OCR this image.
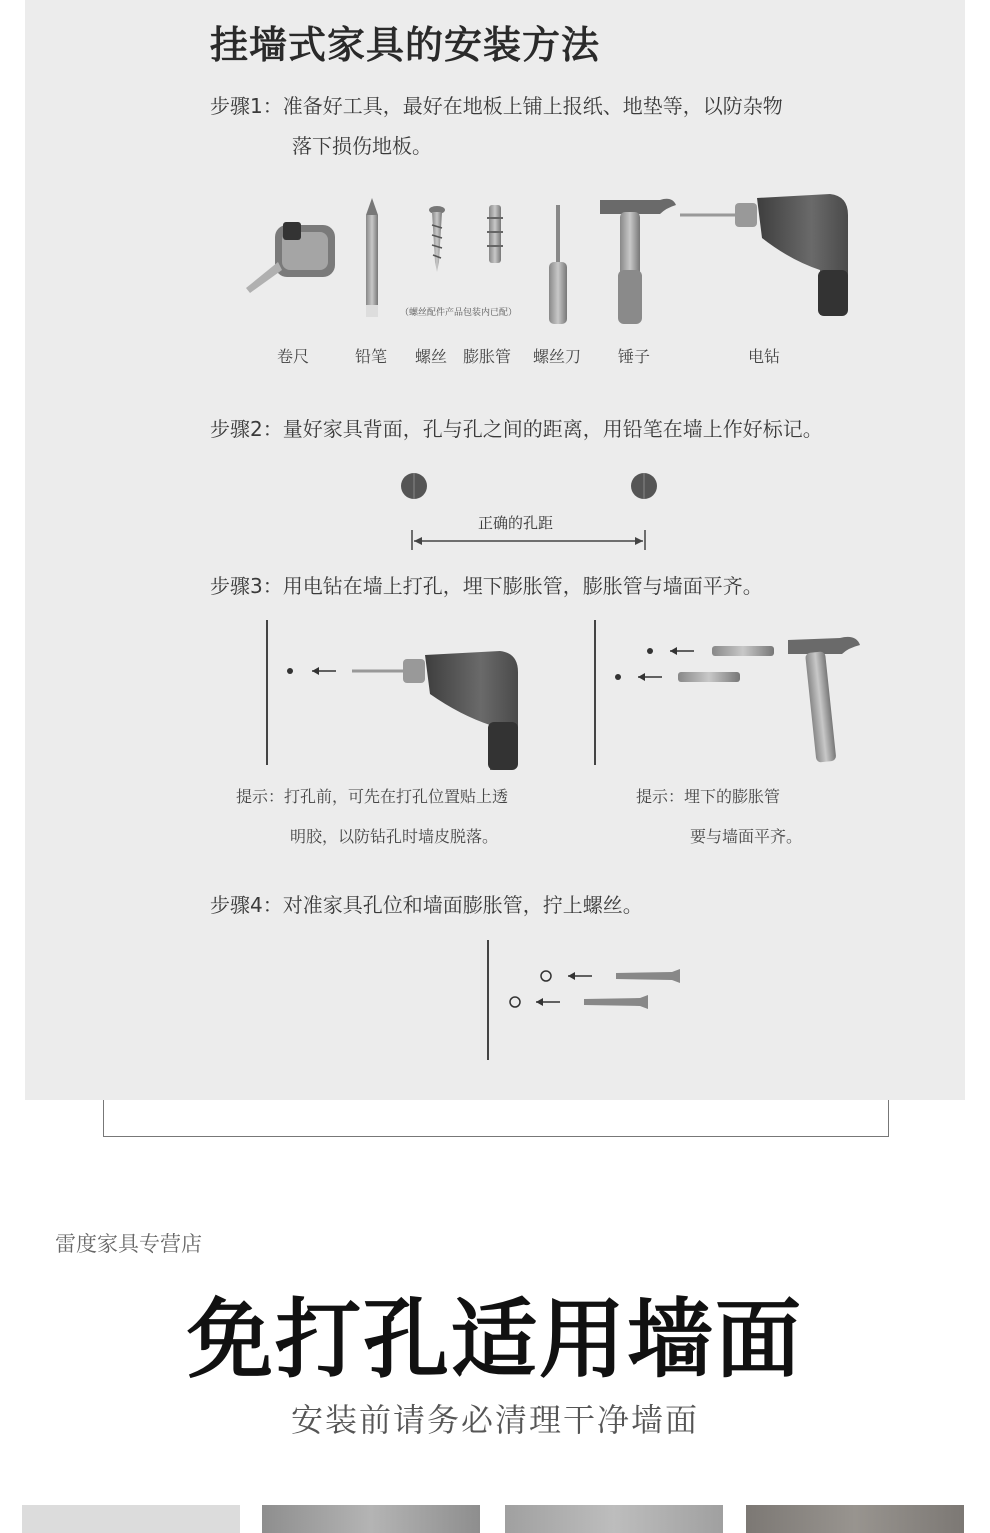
挂墙式家具的安装方法
步骤1：准备好工具，最好在地板上铺上报纸、地垫等，以防杂物
落下损伤地板。
（螺丝配件产品包装内已配）
卷尺	铅笔 螺丝 膨胀管 螺丝刀 锤子	电钻
步骤2：量好家具背面，孔与孔之间的距离，用铅笔在墙上作好标记。
正确的孔距
步骤3：用电钻在墙上打孔，埋下膨胀管，膨胀管与墙面平齐。
提示：打孔前，可先在打孔位置贴上透
明胶，以防钻孔时墙皮脱落。
提示：埋下的膨胀管
要与墙面平齐。
步骤4：对准家具孔位和墙面膨胀管，拧上螺丝。
雷度家具专营店
免打孔适用墙面
安装前请务必清理干净墙面
